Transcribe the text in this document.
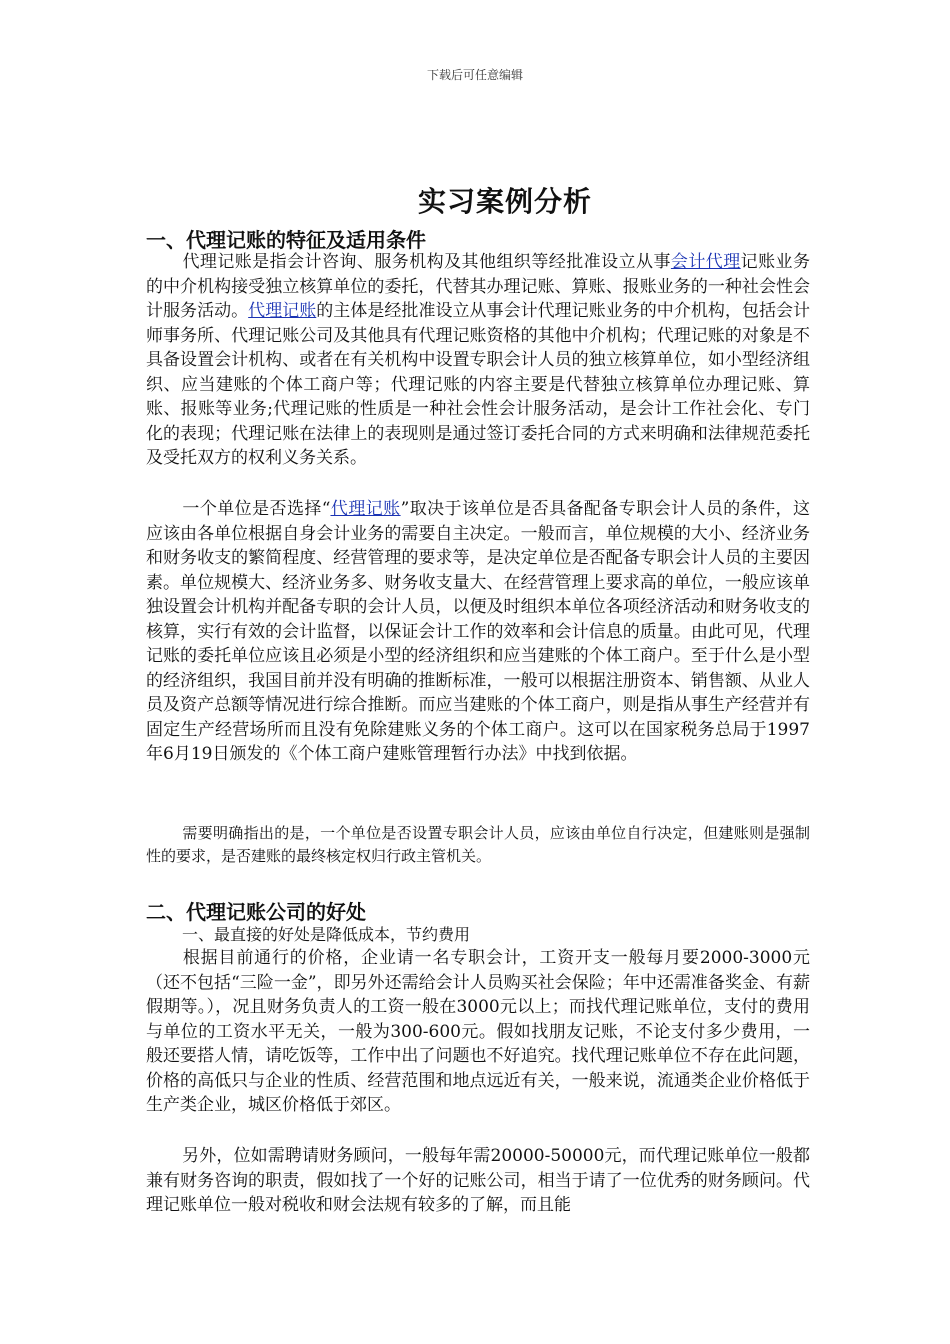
下载后可任意编辑
实习案例分析
一、代理记账的特征及适用条件

代理记账是指会计咨询、服务机构及其他组织等经批准设立从事会计代理记账业务的中介机构接受独立核算单位的委托，代替其办理记账、算账、报账业务的一种社会性会计服务活动。代理记账的主体是经批准设立从事会计代理记账业务的中介机构，包括会计师事务所、代理记账公司及其他具有代理记账资格的其他中介机构；代理记账的对象是不具备设置会计机构、或者在有关机构中设置专职会计人员的独立核算单位，如小型经济组织、应当建账的个体工商户等；代理记账的内容主要是代替独立核算单位办理记账、算账、报账等业务;代理记账的性质是一种社会性会计服务活动，是会计工作社会化、专门化的表现；代理记账在法律上的表现则是通过签订委托合同的方式来明确和法律规范委托及受托双方的权利义务关系。

一个单位是否选择“代理记账”取决于该单位是否具备配备专职会计人员的条件，这应该由各单位根据自身会计业务的需要自主决定。一般而言，单位规模的大小、经济业务和财务收支的繁简程度、经营管理的要求等，是决定单位是否配备专职会计人员的主要因素。单位规模大、经济业务多、财务收支量大、在经营管理上要求高的单位，一般应该单独设置会计机构并配备专职的会计人员，以便及时组织本单位各项经济活动和财务收支的核算，实行有效的会计监督，以保证会计工作的效率和会计信息的质量。由此可见，代理记账的委托单位应该且必须是小型的经济组织和应当建账的个体工商户。至于什么是小型的经济组织，我国目前并没有明确的推断标准，一般可以根据注册资本、销售额、从业人员及资产总额等情况进行综合推断。而应当建账的个体工商户，则是指从事生产经营并有固定生产经营场所而且没有免除建账义务的个体工商户。这可以在国家税务总局于1997年6月19日颁发的《个体工商户建账管理暂行办法》中找到依据。

需要明确指出的是，一个单位是否设置专职会计人员，应该由单位自行决定，但建账则是强制性的要求，是否建账的最终核定权归行政主管机关。

二、代理记账公司的好处
一、最直接的好处是降低成本，节约费用

根据目前通行的价格，企业请一名专职会计，工资开支一般每月要2000-3000元（还不包括“三险一金”，即另外还需给会计人员购买社会保险；年中还需准备奖金、有薪假期等。），况且财务负责人的工资一般在3000元以上；而找代理记账单位，支付的费用与单位的工资水平无关，一般为300-600元。假如找朋友记账，不论支付多少费用，一般还要搭人情，请吃饭等，工作中出了问题也不好追究。找代理记账单位不存在此问题，价格的高低只与企业的性质、经营范围和地点远近有关，一般来说，流通类企业价格低于生产类企业，城区价格低于郊区。

另外，位如需聘请财务顾问，一般每年需20000-50000元，而代理记账单位一般都兼有财务咨询的职责，假如找了一个好的记账公司，相当于请了一位优秀的财务顾问。代理记账单位一般对税收和财会法规有较多的了解，而且能
